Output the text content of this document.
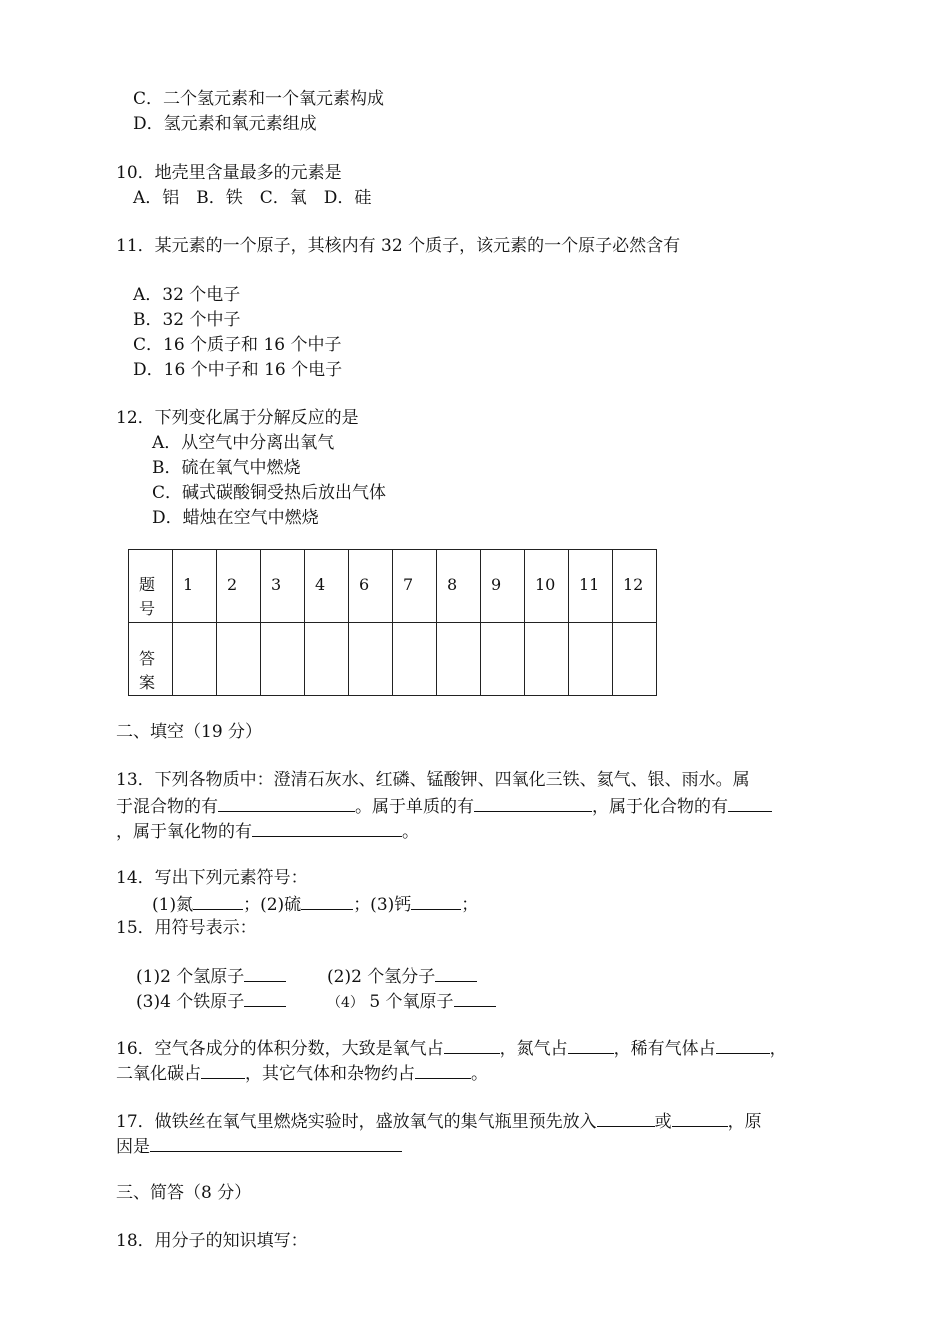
C．二个氢元素和一个氧元素构成
D．氢元素和氧元素组成
10．地壳里含量最多的元素是
A．铝　B．铁　C．氧　D．硅
11．某元素的一个原子，其核内有 32 个质子，该元素的一个原子必然含有
A．32 个电子
B．32 个中子
C．16 个质子和 16 个中子
D．16 个中子和 16 个电子
12．下列变化属于分解反应的是
A．从空气中分离出氧气
B．硫在氧气中燃烧
C．碱式碳酸铜受热后放出气体
D．蜡烛在空气中燃烧
题
号	1	2	3	4	6	7	8	9	10	11	12
答
案											
二、填空（19 分）
13．下列各物质中：澄清石灰水、红磷、锰酸钾、四氧化三铁、氦气、银、雨水。属
于混合物的有	。属于单质的有	，属于化合物的有
，属于氧化物的有	。
14．写出下列元素符号：
(1)氮	；(2)硫	；(3)钙	；
15．用符号表示：
(1)2 个氢原子	(2)2 个氢分子
(3)4 个铁原子	（4） 5 个氧原子
16．空气各成分的体积分数，大致是氧气占	，氮气占	，稀有气体占	，
二氧化碳占	，其它气体和杂物约占	。
17．做铁丝在氧气里燃烧实验时，盛放氧气的集气瓶里预先放入	或	，原
因是
三、简答（8 分）
18．用分子的知识填写：
